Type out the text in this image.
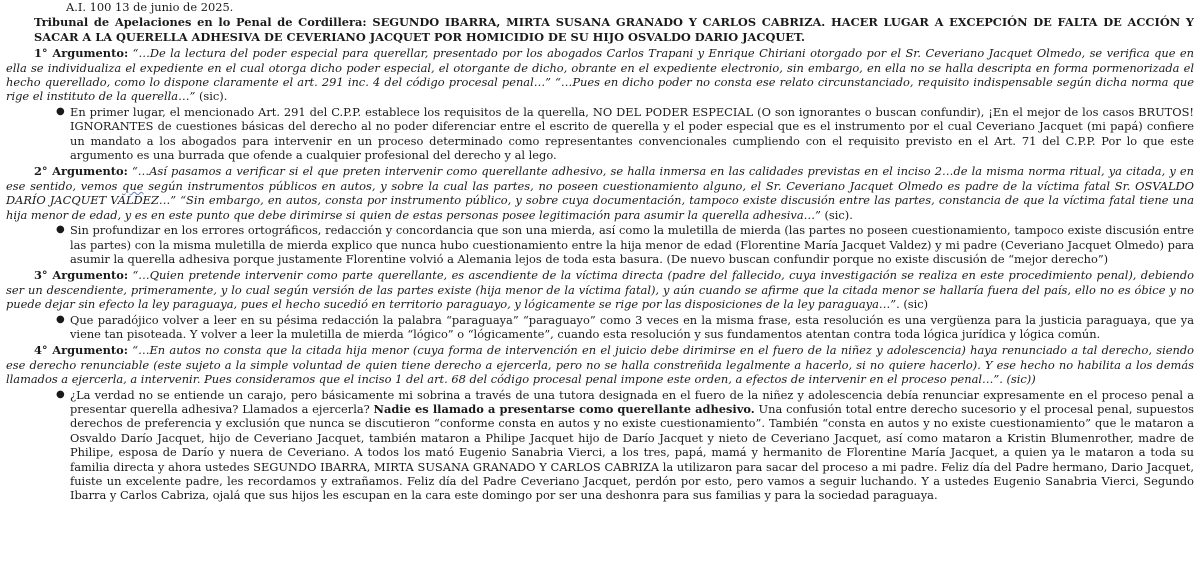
A.I. 100 13 de junio de 2025.
Tribunal de Apelaciones en lo Penal de Cordillera: SEGUNDO IBARRA, MIRTA SUSANA GRANADO Y CARLOS CABRIZA. HACER LUGAR A EXCEPCIÓN DE FALTA DE ACCIÓN Y SACAR A LA QUERELLA ADHESIVA DE CEVERIANO JACQUET POR HOMICIDIO DE SU HIJO OSVALDO DARIO JACQUET.
1° Argumento: “…De la lectura del poder especial para querellar, presentado por los abogados Carlos Trapani y Enrique Chiriani otorgado por el Sr. Ceveriano Jacquet Olmedo, se verifica que en ella se individualiza el expediente en el cual otorga dicho poder especial, el otorgante de dicho, obrante en el expediente electronio, sin embargo, en ella no se halla descripta en forma pormenorizada el hecho querellado, como lo dispone claramente el art. 291 inc. 4 del código procesal penal…” “…Pues en dicho poder no consta ese relato circunstanciado, requisito indispensable según dicha norma que rige el instituto de la querella…” (sic).
● En primer lugar, el mencionado Art. 291 del C.P.P. establece los requisitos de la querella, NO DEL PODER ESPECIAL (O son ignorantes o buscan confundir), ¡En el mejor de los casos BRUTOS! IGNORANTES de cuestiones básicas del derecho al no poder diferenciar entre el escrito de querella y el poder especial que es el instrumento por el cual Ceveriano Jacquet (mi papá) confiere un mandato a los abogados para intervenir en un proceso determinado como representantes convencionales cumpliendo con el requisito previsto en el Art. 71 del C.P.P. Por lo que este argumento es una burrada que ofende a cualquier profesional del derecho y al lego.
2° Argumento: “…Así pasamos a verificar si el que preten intervenir como querellante adhesivo, se halla inmersa en las calidades previstas en el inciso 2…de la misma norma ritual, ya citada, y en ese sentido, vemos que según instrumentos públicos en autos, y sobre la cual las partes, no poseen cuestionamiento alguno, el Sr. Ceveriano Jacquet Olmedo es padre de la víctima fatal Sr. OSVALDO DARÍO JACQUET VALDEZ…” “Sin embargo, en autos, consta por instrumento público, y sobre cuya documentación, tampoco existe discusión entre las partes, constancia de que la víctima fatal tiene una hija menor de edad, y es en este punto que debe dirimirse si quien de estas personas posee legitimación para asumir la querella adhesiva…” (sic).
● Sin profundizar en los errores ortográficos, redacción y concordancia que son una mierda, así como la muletilla de mierda (las partes no poseen cuestionamiento, tampoco existe discusión entre las partes) con la misma muletilla de mierda explico que nunca hubo cuestionamiento entre la hija menor de edad (Florentine María Jacquet Valdez) y mi padre (Ceveriano Jacquet Olmedo) para asumir la querella adhesiva porque justamente Florentine volvió a Alemania lejos de toda esta basura. (De nuevo buscan confundir porque no existe discusión de “mejor derecho”)
3° Argumento: “…Quien pretende intervenir como parte querellante, es ascendiente de la víctima directa (padre del fallecido, cuya investigación se realiza en este procedimiento penal), debiendo ser un descendiente, primeramente, y lo cual según versión de las partes existe (hija menor de la víctima fatal), y aún cuando se afirme que la citada menor se hallaría fuera del país, ello no es óbice y no puede dejar sin efecto la ley paraguaya, pues el hecho sucedió en territorio paraguayo, y lógicamente se rige por las disposiciones de la ley paraguaya…”. (sic)
● Que paradójico volver a leer en su pésima redacción la palabra “paraguaya” “paraguayo” como 3 veces en la misma frase, esta resolución es una vergüenza para la justicia paraguaya, que ya viene tan pisoteada. Y volver a leer la muletilla de mierda “lógico” o “lógicamente”, cuando esta resolución y sus fundamentos atentan contra toda lógica jurídica y lógica común.
4° Argumento: “…En autos no consta que la citada hija menor (cuya forma de intervención en el juicio debe dirimirse en el fuero de la niñez y adolescencia) haya renunciado a tal derecho, siendo ese derecho renunciable (este sujeto a la simple voluntad de quien tiene derecho a ejercerla, pero no se halla constreñida legalmente a hacerlo, si no quiere hacerlo). Y ese hecho no habilita a los demás llamados a ejercerla, a intervenir. Pues consideramos que el inciso 1 del art. 68 del código procesal penal impone este orden, a efectos de intervenir en el proceso penal…”. (sic))
● ¿La verdad no se entiende un carajo, pero básicamente mi sobrina a través de una tutora designada en el fuero de la niñez y adolescencia debía renunciar expresamente en el proceso penal a presentar querella adhesiva? Llamados a ejercerla? Nadie es llamado a presentarse como querellante adhesivo. Una confusión total entre derecho sucesorio y el procesal penal, supuestos derechos de preferencia y exclusión que nunca se discutieron “conforme consta en autos y no existe cuestionamiento”. También “consta en autos y no existe cuestionamiento” que le mataron a Osvaldo Darío Jacquet, hijo de Ceveriano Jacquet, también mataron a Philipe Jacquet hijo de Darío Jacquet y nieto de Ceveriano Jacquet, así como mataron a Kristin Blumenrother, madre de Philipe, esposa de Darío y nuera de Ceveriano. A todos los mató Eugenio Sanabria Vierci, a los tres, papá, mamá y hermanito de Florentine María Jacquet, a quien ya le mataron a toda su familia directa y ahora ustedes SEGUNDO IBARRA, MIRTA SUSANA GRANADO Y CARLOS CABRIZA la utilizaron para sacar del proceso a mi padre. Feliz día del Padre hermano, Dario Jacquet, fuiste un excelente padre, les recordamos y extrañamos. Feliz día del Padre Ceveriano Jacquet, perdón por esto, pero vamos a seguir luchando. Y a ustedes Eugenio Sanabria Vierci, Segundo Ibarra y Carlos Cabriza, ojalá que sus hijos les escupan en la cara este domingo por ser una deshonra para sus familias y para la sociedad paraguaya.
